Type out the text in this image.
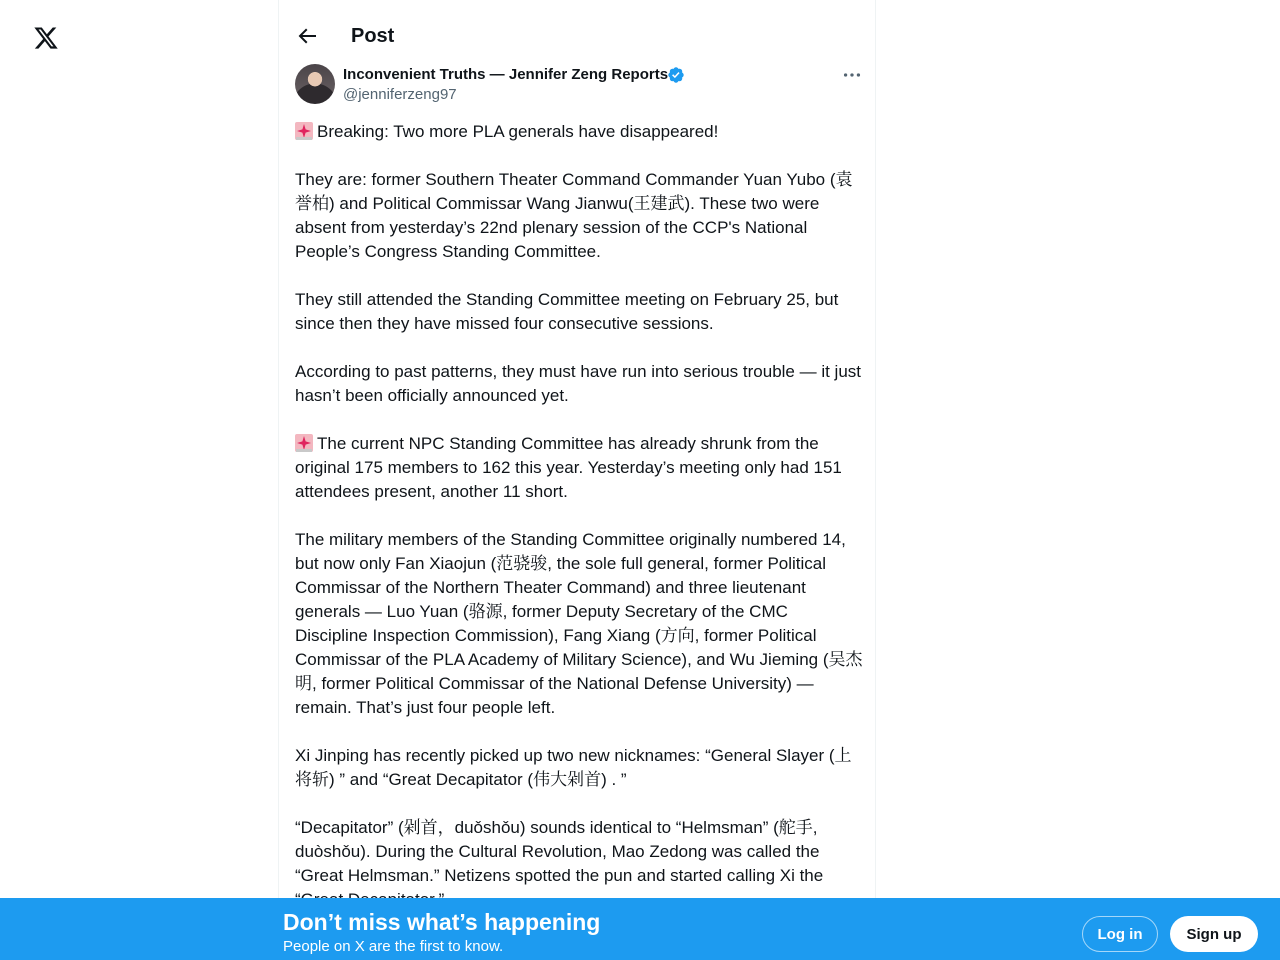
Post
Inconvenient Truths — Jennifer Zeng Reports
@jenniferzeng97

Breaking: Two more PLA generals have disappeared!

They are: former Southern Theater Command Commander Yuan Yubo (袁誉柏) and Political Commissar Wang Jianwu(王建武). These two were absent from yesterday’s 22nd plenary session of the CCP's National People’s Congress Standing Committee.

They still attended the Standing Committee meeting on February 25, but since then they have missed four consecutive sessions.

According to past patterns, they must have run into serious trouble — it just hasn’t been officially announced yet.

The current NPC Standing Committee has already shrunk from the original 175 members to 162 this year. Yesterday’s meeting only had 151 attendees present, another 11 short.

The military members of the Standing Committee originally numbered 14, but now only Fan Xiaojun (范骁骏, the sole full general, former Political Commissar of the Northern Theater Command) and three lieutenant generals — Luo Yuan (骆源, former Deputy Secretary of the CMC Discipline Inspection Commission), Fang Xiang (方向, former Political Commissar of the PLA Academy of Military Science), and Wu Jieming (吴杰明, former Political Commissar of the National Defense University) — remain. That’s just four people left.

Xi Jinping has recently picked up two new nicknames: “General Slayer (上将斩) ” and “Great Decapitator (伟大剁首) . ”

“Decapitator” (剁首，duǒshǒu) sounds identical to “Helmsman” (舵手, duòshǒu). During the Cultural Revolution, Mao Zedong was called the “Great Helmsman.” Netizens spotted the pun and started calling Xi the

Don’t miss what’s happening
People on X are the first to know.
Log in	Sign up
